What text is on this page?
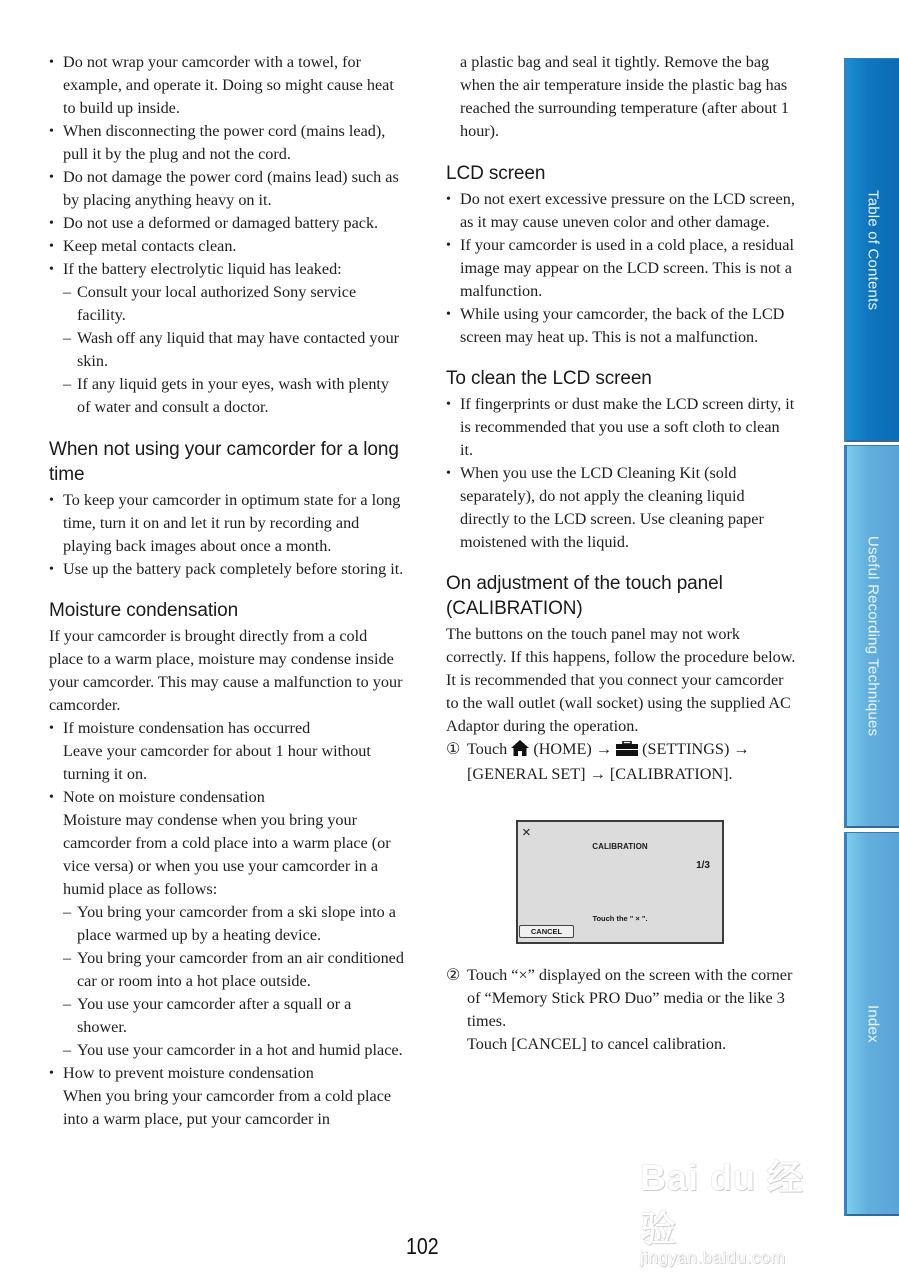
• Do not wrap your camcorder with a towel, for example, and operate it. Doing so might cause heat to build up inside.
• When disconnecting the power cord (mains lead), pull it by the plug and not the cord.
• Do not damage the power cord (mains lead) such as by placing anything heavy on it.
• Do not use a deformed or damaged battery pack.
• Keep metal contacts clean.
• If the battery electrolytic liquid has leaked:
– Consult your local authorized Sony service facility.
– Wash off any liquid that may have contacted your skin.
– If any liquid gets in your eyes, wash with plenty of water and consult a doctor.
When not using your camcorder for a long time
• To keep your camcorder in optimum state for a long time, turn it on and let it run by recording and playing back images about once a month.
• Use up the battery pack completely before storing it.
Moisture condensation

If your camcorder is brought directly from a cold place to a warm place, moisture may condense inside your camcorder. This may cause a malfunction to your camcorder.

• If moisture condensation has occurred
Leave your camcorder for about 1 hour without turning it on.
• Note on moisture condensation
Moisture may condense when you bring your camcorder from a cold place into a warm place (or vice versa) or when you use your camcorder in a humid place as follows:
– You bring your camcorder from a ski slope into a place warmed up by a heating device.
– You bring your camcorder from an air conditioned car or room into a hot place outside.
– You use your camcorder after a squall or a shower.
– You use your camcorder in a hot and humid place.
• How to prevent moisture condensation
When you bring your camcorder from a cold place into a warm place, put your camcorder in
a plastic bag and seal it tightly. Remove the bag when the air temperature inside the plastic bag has reached the surrounding temperature (after about 1 hour).
LCD screen
• Do not exert excessive pressure on the LCD screen, as it may cause uneven color and other damage.
• If your camcorder is used in a cold place, a residual image may appear on the LCD screen. This is not a malfunction.
• While using your camcorder, the back of the LCD screen may heat up. This is not a malfunction.
To clean the LCD screen
• If fingerprints or dust make the LCD screen dirty, it is recommended that you use a soft cloth to clean it.
• When you use the LCD Cleaning Kit (sold separately), do not apply the cleaning liquid directly to the LCD screen. Use cleaning paper moistened with the liquid.
On adjustment of the touch panel (CALIBRATION)

The buttons on the touch panel may not work correctly. If this happens, follow the procedure below. It is recommended that you connect your camcorder to the wall outlet (wall socket) using the supplied AC Adaptor during the operation.

① Touch (HOME) → (SETTINGS) →
[GENERAL SET] → [CALIBRATION].
×
CALIBRATION
1/3
Touch the " × ".
CANCEL
② Touch “×” displayed on the screen with the corner of “Memory Stick PRO Duo” media or the like 3 times.
Touch [CANCEL] to cancel calibration.
Table of Contents
Useful Recording Techniques
Index
102
Bai du 经验
jingyan.baidu.com
